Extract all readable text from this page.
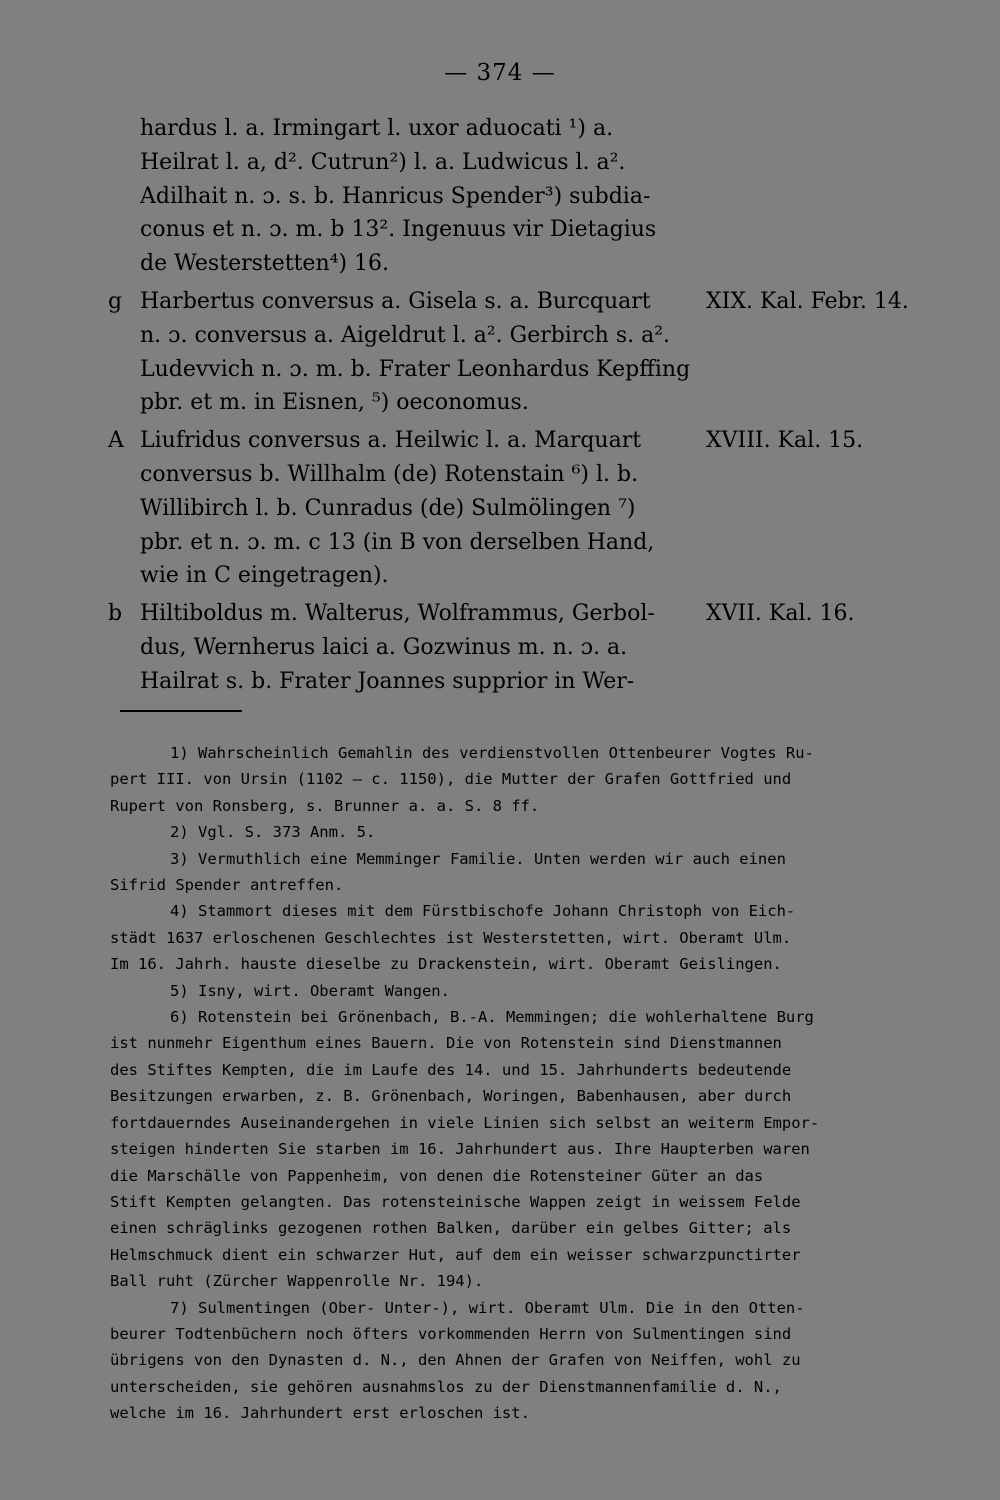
— 374 —
hardus l. a. Irmingart l. uxor aduocati ¹) a.
Heilrat l. a, d². Cutrun²) l. a. Ludwicus l. a².
Adilhait n. ɔ. s. b. Hanricus Spender³) subdia-
conus et n. ɔ. m. b 13². Ingenuus vir Dietagius
de Westerstetten⁴) 16.
g Harbertus conversus a. Gisela s. a. Burcquart
n. ɔ. conversus a. Aigeldrut l. a². Gerbirch s. a².
Ludevvich n. ɔ. m. b. Frater Leonhardus Kepffing
pbr. et m. in Eisnen, ⁵) oeconomus.
XIX. Kal. Febr. 14.
A Liufridus conversus a. Heilwic l. a. Marquart
conversus b. Willhalm (de) Rotenstain ⁶) l. b.
Willibirch l. b. Cunradus (de) Sulmölingen ⁷)
pbr. et n. ɔ. m. c 13 (in B von derselben Hand,
wie in C eingetragen).
XVIII. Kal. 15.
b Hiltiboldus m. Walterus, Wolframmus, Gerbol-
dus, Wernherus laici a. Gozwinus m. n. ɔ. a.
Hailrat s. b. Frater Joannes supprior in Wer-
XVII. Kal. 16.
1) Wahrscheinlich Gemahlin des verdienstvollen Ottenbeurer Vogtes Ru-
pert III. von Ursin (1102 — c. 1150), die Mutter der Grafen Gottfried und
Rupert von Ronsberg, s. Brunner a. a. S. 8 ff.
2) Vgl. S. 373 Anm. 5.
3) Vermuthlich eine Memminger Familie. Unten werden wir auch einen
Sifrid Spender antreffen.
4) Stammort dieses mit dem Fürstbischofe Johann Christoph von Eich-
städt 1637 erloschenen Geschlechtes ist Westerstetten, wirt. Oberamt Ulm.
Im 16. Jahrh. hauste dieselbe zu Drackenstein, wirt. Oberamt Geislingen.
5) Isny, wirt. Oberamt Wangen.
6) Rotenstein bei Grönenbach, B.-A. Memmingen; die wohlerhaltene Burg
ist nunmehr Eigenthum eines Bauern. Die von Rotenstein sind Dienstmannen
des Stiftes Kempten, die im Laufe des 14. und 15. Jahrhunderts bedeutende
Besitzungen erwarben, z. B. Grönenbach, Woringen, Babenhausen, aber durch
fortdauerndes Auseinandergehen in viele Linien sich selbst an weiterm Empor-
steigen hinderten Sie starben im 16. Jahrhundert aus. Ihre Haupterben waren
die Marschälle von Pappenheim, von denen die Rotensteiner Güter an das
Stift Kempten gelangten. Das rotensteinische Wappen zeigt in weissem Felde
einen schräglinks gezogenen rothen Balken, darüber ein gelbes Gitter; als
Helmschmuck dient ein schwarzer Hut, auf dem ein weisser schwarzpunctirter
Ball ruht (Zürcher Wappenrolle Nr. 194).
7) Sulmentingen (Ober- Unter-), wirt. Oberamt Ulm. Die in den Otten-
beurer Todtenbüchern noch öfters vorkommenden Herrn von Sulmentingen sind
übrigens von den Dynasten d. N., den Ahnen der Grafen von Neiffen, wohl zu
unterscheiden, sie gehören ausnahmslos zu der Dienstmannenfamilie d. N.,
welche im 16. Jahrhundert erst erloschen ist.
